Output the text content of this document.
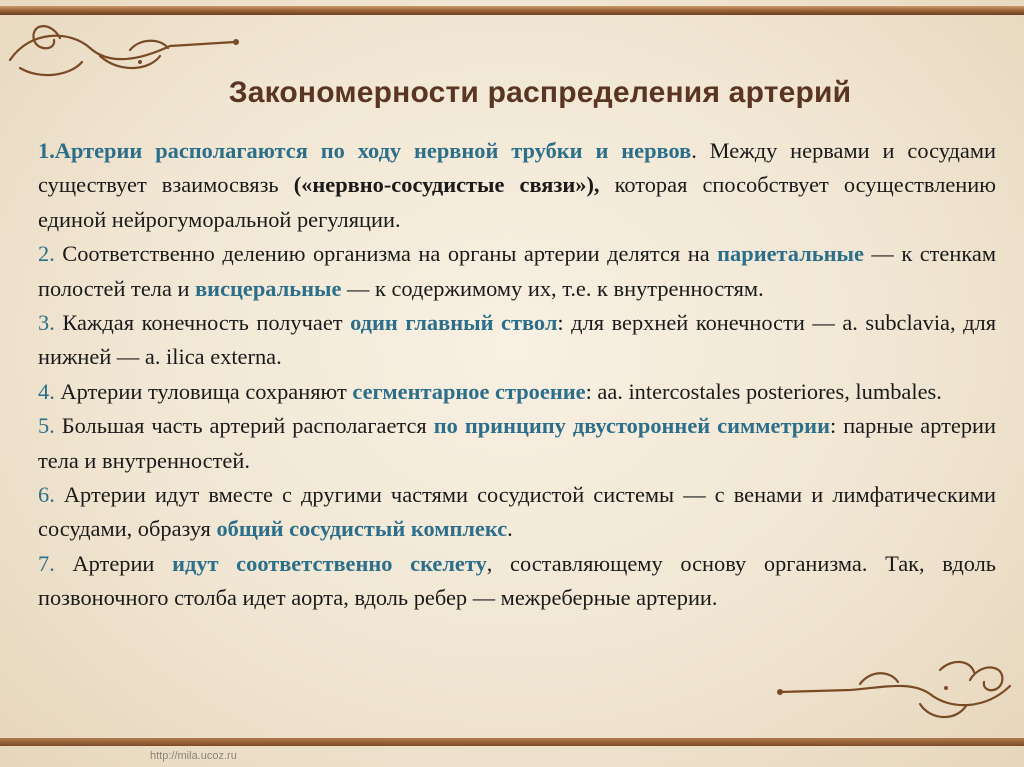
Закономерности распределения артерий

1.Артерии располагаются по ходу нервной трубки и нервов. Между нервами и сосудами существует взаимосвязь («нервно-сосудистые связи»), которая способствует осуществлению единой нейрогуморальной регуляции.

2. Соответственно делению организма на органы артерии делятся на париетальные — к стенкам полостей тела и висцеральные — к содержимому их, т.е. к внутренностям.

3. Каждая конечность получает один главный ствол: для верхней конечности — a. subclavia, для нижней — a. ilica externa.

4. Артерии туловища сохраняют сегментарное строение: aa. intercostales posteriores, lumbales.

5. Большая часть артерий располагается по принципу двусторонней симметрии: парные артерии тела и внутренностей.

6. Артерии идут вместе с другими частями сосудистой системы — с венами и лимфатическими сосудами, образуя общий сосудистый комплекс.

7. Артерии идут соответственно скелету, составляющему основу организма. Так, вдоль позвоночного столба идет аорта, вдоль ребер — межреберные артерии.

http://mila.ucoz.ru
